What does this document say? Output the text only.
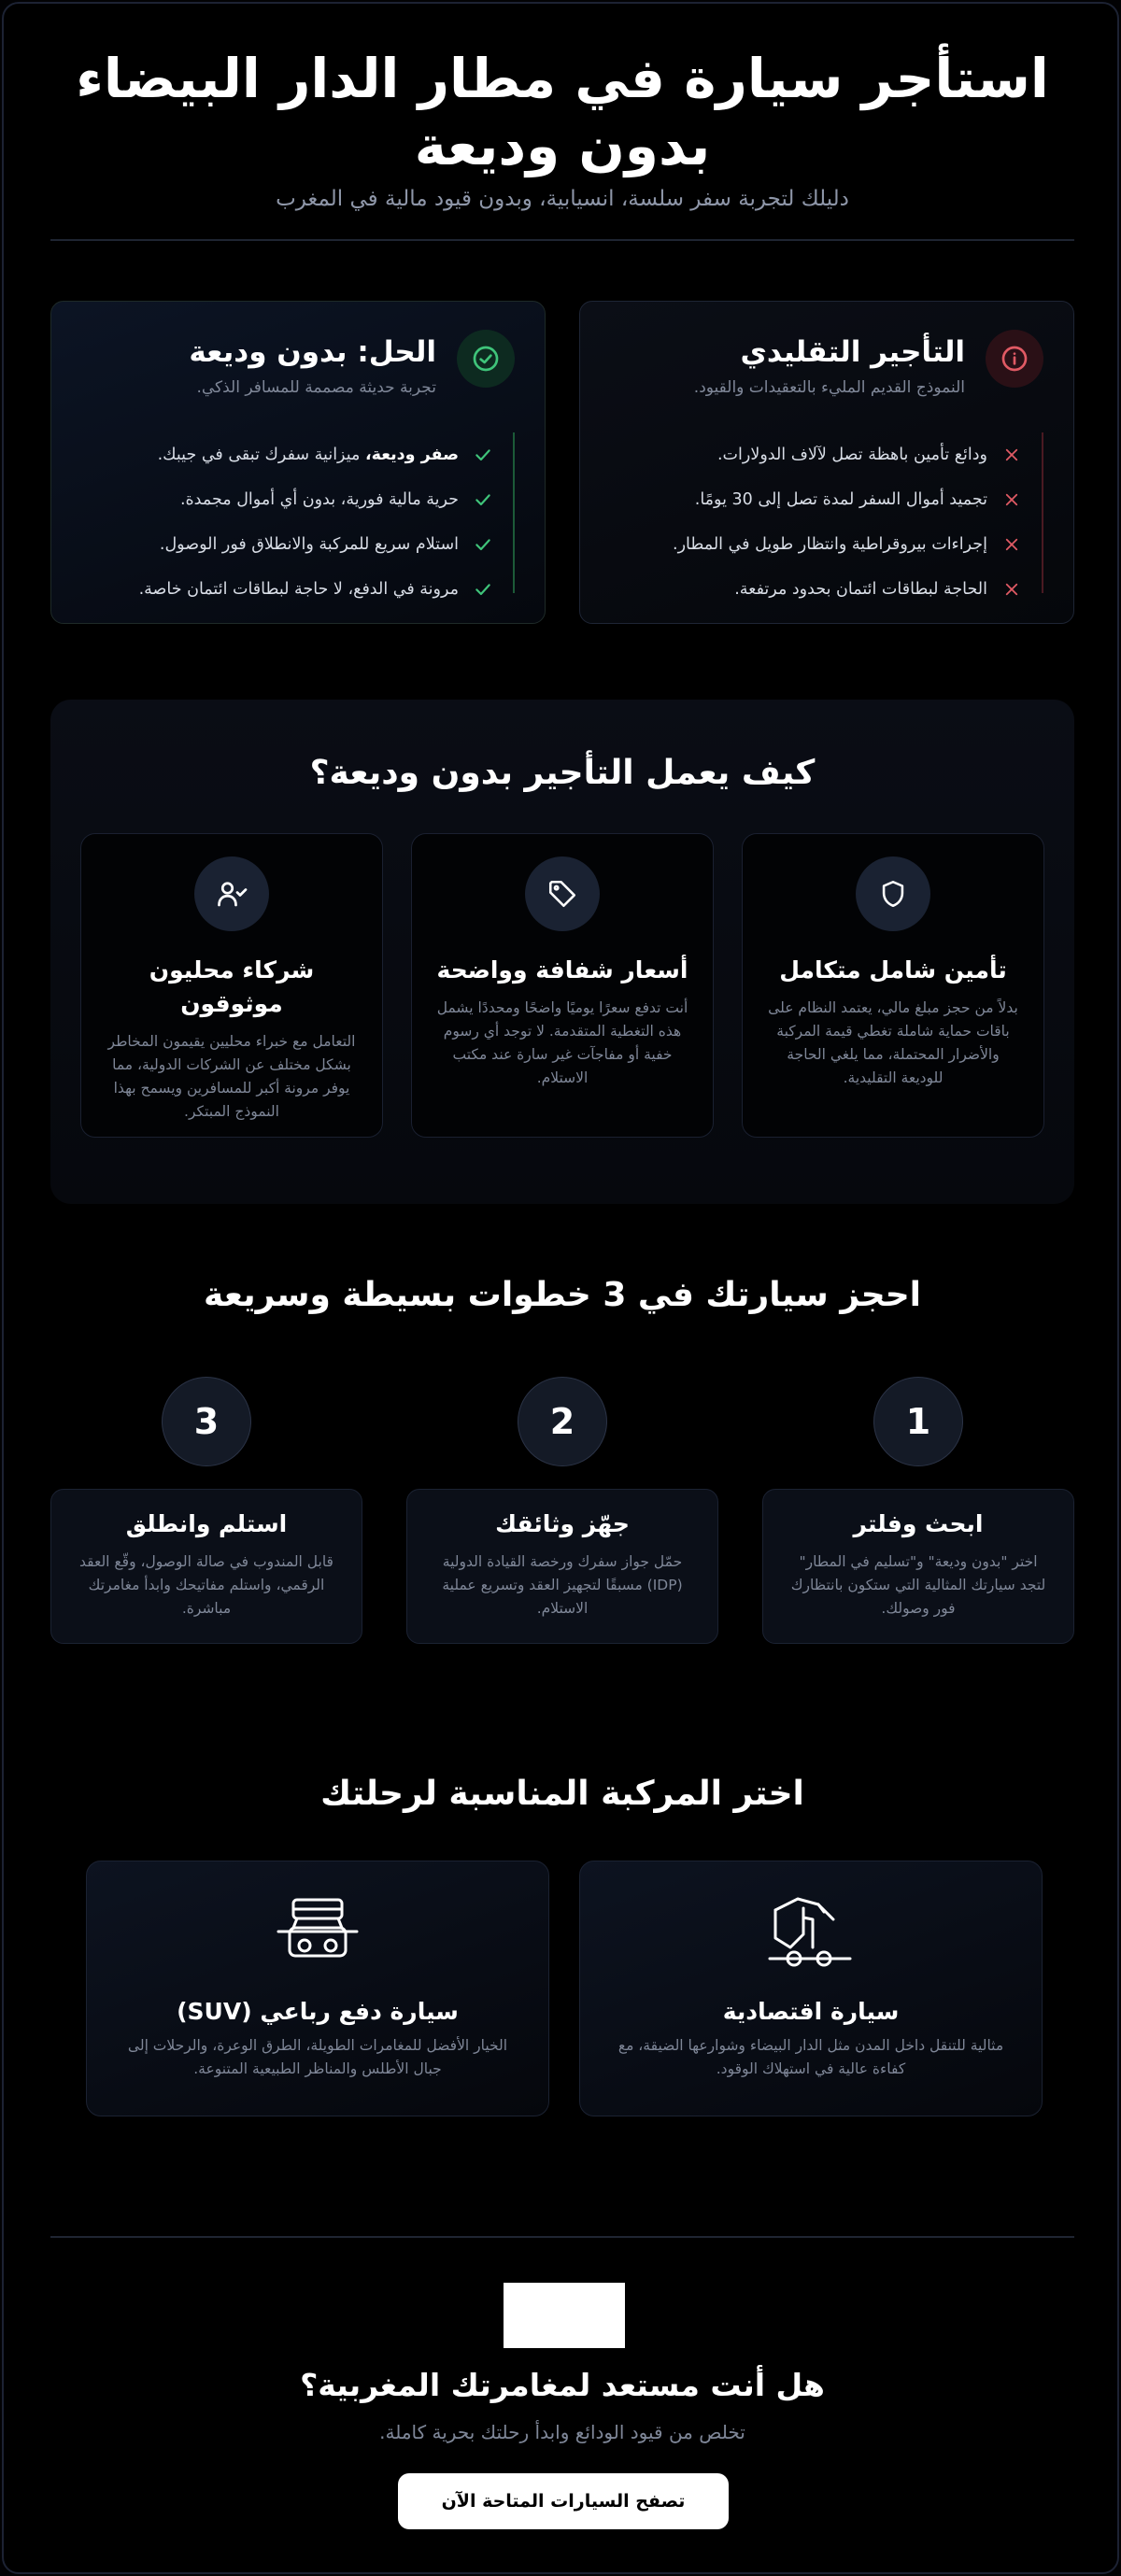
استأجر سيارة في مطار الدار البيضاء بدون وديعة
دليلك لتجربة سفر سلسة، انسيابية، وبدون قيود مالية في المغرب
التأجير التقليدي
النموذج القديم المليء بالتعقيدات والقيود.
ودائع تأمين باهظة تصل لآلاف الدولارات.
تجميد أموال السفر لمدة تصل إلى 30 يومًا.
إجراءات بيروقراطية وانتظار طويل في المطار.
الحاجة لبطاقات ائتمان بحدود مرتفعة.
الحل: بدون وديعة
تجربة حديثة مصممة للمسافر الذكي.
صفر وديعة، ميزانية سفرك تبقى في جيبك.
حرية مالية فورية، بدون أي أموال مجمدة.
استلام سريع للمركبة والانطلاق فور الوصول.
مرونة في الدفع، لا حاجة لبطاقات ائتمان خاصة.
كيف يعمل التأجير بدون وديعة؟
تأمين شامل متكامل
بدلاً من حجز مبلغ مالي، يعتمد النظام على باقات حماية شاملة تغطي قيمة المركبة والأضرار المحتملة، مما يلغي الحاجة للوديعة التقليدية.
أسعار شفافة وواضحة
أنت تدفع سعرًا يوميًا واضحًا ومحددًا يشمل هذه التغطية المتقدمة. لا توجد أي رسوم خفية أو مفاجآت غير سارة عند مكتب الاستلام.
شركاء محليون موثوقون
التعامل مع خبراء محليين يقيمون المخاطر بشكل مختلف عن الشركات الدولية، مما يوفر مرونة أكبر للمسافرين ويسمح بهذا النموذج المبتكر.
احجز سيارتك في 3 خطوات بسيطة وسريعة
1
ابحث وفلتر
اختر "بدون وديعة" و"تسليم في المطار" لتجد سيارتك المثالية التي ستكون بانتظارك فور وصولك.
2
جهّز وثائقك
حمّل جواز سفرك ورخصة القيادة الدولية (IDP) مسبقًا لتجهيز العقد وتسريع عملية الاستلام.
3
استلم وانطلق
قابل المندوب في صالة الوصول، وقّع العقد الرقمي، واستلم مفاتيحك وابدأ مغامرتك مباشرة.
اختر المركبة المناسبة لرحلتك
سيارة اقتصادية
مثالية للتنقل داخل المدن مثل الدار البيضاء وشوارعها الضيقة، مع كفاءة عالية في استهلاك الوقود.
سيارة دفع رباعي (SUV)
الخيار الأفضل للمغامرات الطويلة، الطرق الوعرة، والرحلات إلى جبال الأطلس والمناظر الطبيعية المتنوعة.
هل أنت مستعد لمغامرتك المغربية؟
تخلص من قيود الودائع وابدأ رحلتك بحرية كاملة.
تصفح السيارات المتاحة الآن
